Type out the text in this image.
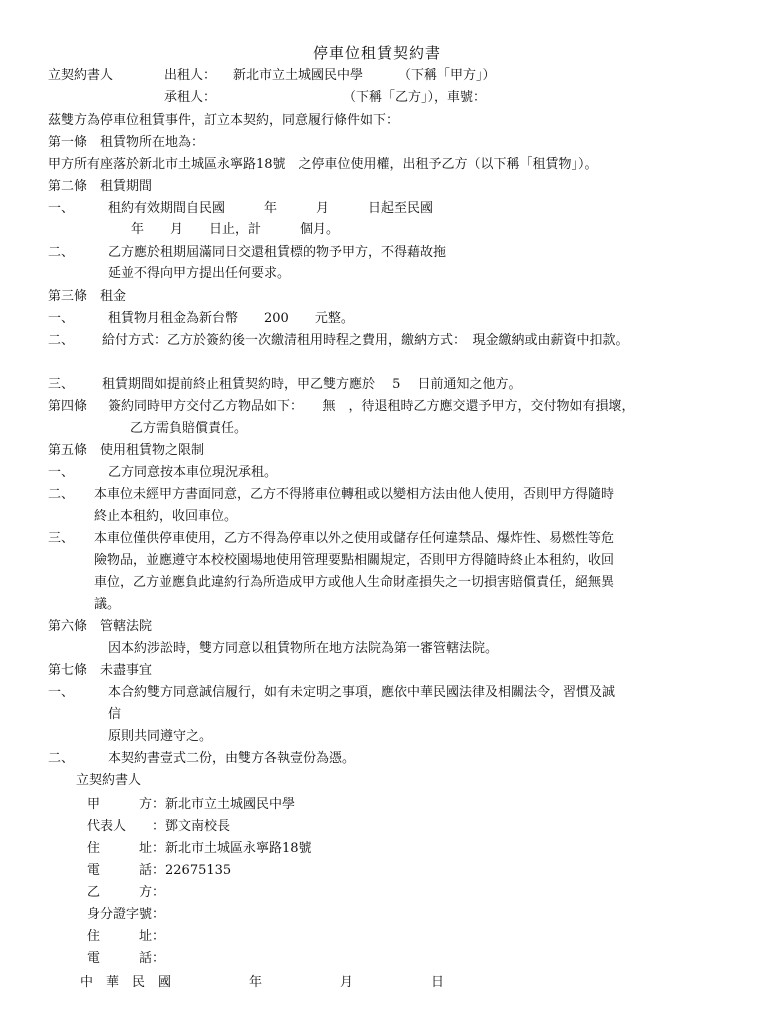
停車位租賃契約書
立契約書人	出租人： 新北市立土城國民中學	（下稱「甲方」）
承租人：	（下稱「乙方」），車號：
茲雙方為停車位租賃事件，訂立本契約，同意履行條件如下：
第一條　租賃物所在地為：
甲方所有座落於新北市土城區永寧路18號　之停車位使用權，出租予乙方（以下稱「租賃物」）。
第二條　租賃期間
一、	租約有效期間自民國　　　年　　　月　　　日起至民國
年　　月　　日止，計　　　個月。
二、	乙方應於租期屆滿同日交還租賃標的物予甲方，不得藉故拖
延並不得向甲方提出任何要求。
第三條　租金
一、	租賃物月租金為新台幣　　200　　元整。
二、 給付方式：乙方於簽約後一次繳清租用時程之費用，繳納方式：　現金繳納或由薪資中扣款。
三、 租賃期間如提前終止租賃契約時，甲乙雙方應於　 5 　日前通知之他方。
第四條 簽約同時甲方交付乙方物品如下：　　無　，待退租時乙方應交還予甲方，交付物如有損壞，
乙方需負賠償責任。
第五條　使用租賃物之限制
一、	乙方同意按本車位現況承租。
二、 本車位未經甲方書面同意，乙方不得將車位轉租或以變相方法由他人使用，否則甲方得隨時
終止本租約，收回車位。
三、 本車位僅供停車使用，乙方不得為停車以外之使用或儲存任何違禁品、爆炸性、易燃性等危
險物品，並應遵守本校校園場地使用管理要點相關規定，否則甲方得隨時終止本租約，收回
車位，乙方並應負此違約行為所造成甲方或他人生命財產損失之一切損害賠償責任，絕無異
議。
第六條　管轄法院
因本約涉訟時，雙方同意以租賃物所在地方法院為第一審管轄法院。
第七條　未盡事宜
一、	本合約雙方同意誠信履行，如有未定明之事項，應依中華民國法律及相關法令，習慣及誠
信
原則共同遵守之。
二、	本契約書壹式二份，由雙方各執壹份為憑。
立契約書人
甲　　　方：新北市立土城國民中學
代表人　　：鄧文南校長
住　　　址：新北市土城區永寧路18號
電　　　話：22675135
乙　　　方：
身分證字號：
住　　　址：
電　　　話：
中　華　民　國　　　　　　年　　　　　　月　　　　　　日
